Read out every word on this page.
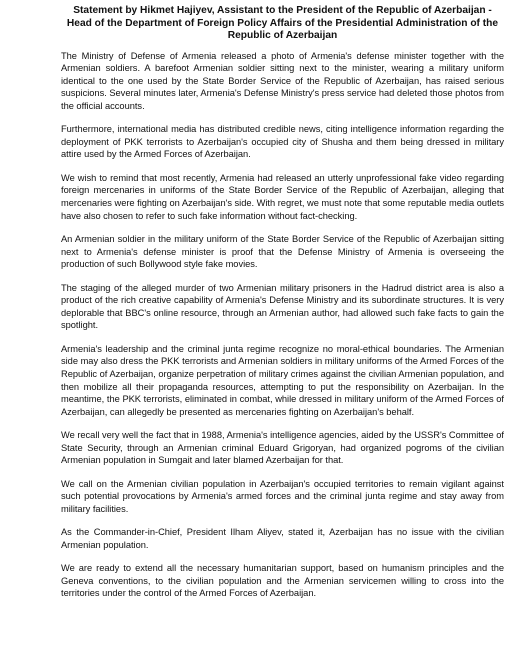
Statement by Hikmet Hajiyev, Assistant to the President of the Republic of Azerbaijan - Head of the Department of Foreign Policy Affairs of the Presidential Administration of the Republic of Azerbaijan

The Ministry of Defense of Armenia released a photo of Armenia's defense minister together with the Armenian soldiers. A barefoot Armenian soldier sitting next to the minister, wearing a military uniform identical to the one used by the State Border Service of the Republic of Azerbaijan, has raised serious suspicions. Several minutes later, Armenia's Defense Ministry's press service had deleted those photos from the official accounts.

Furthermore, international media has distributed credible news, citing intelligence information regarding the deployment of PKK terrorists to Azerbaijan's occupied city of Shusha and them being dressed in military attire used by the Armed Forces of Azerbaijan.

We wish to remind that most recently, Armenia had released an utterly unprofessional fake video regarding foreign mercenaries in uniforms of the State Border Service of the Republic of Azerbaijan, alleging that mercenaries were fighting on Azerbaijan's side. With regret, we must note that some reputable media outlets have also chosen to refer to such fake information without fact-checking.

An Armenian soldier in the military uniform of the State Border Service of the Republic of Azerbaijan sitting next to Armenia's defense minister is proof that the Defense Ministry of Armenia is overseeing the production of such Bollywood style fake movies.

The staging of the alleged murder of two Armenian military prisoners in the Hadrud district area is also a product of the rich creative capability of Armenia's Defense Ministry and its subordinate structures. It is very deplorable that BBC's online resource, through an Armenian author, had allowed such fake facts to gain the spotlight.

Armenia's leadership and the criminal junta regime recognize no moral-ethical boundaries. The Armenian side may also dress the PKK terrorists and Armenian soldiers in military uniforms of the Armed Forces of the Republic of Azerbaijan, organize perpetration of military crimes against the civilian Armenian population, and then mobilize all their propaganda resources, attempting to put the responsibility on Azerbaijan. In the meantime, the PKK terrorists, eliminated in combat, while dressed in military uniform of the Armed Forces of Azerbaijan, can allegedly be presented as mercenaries fighting on Azerbaijan's behalf.

We recall very well the fact that in 1988, Armenia's intelligence agencies, aided by the USSR's Committee of State Security, through an Armenian criminal Eduard Grigoryan, had organized pogroms of the civilian Armenian population in Sumgait and later blamed Azerbaijan for that.

We call on the Armenian civilian population in Azerbaijan's occupied territories to remain vigilant against such potential provocations by Armenia's armed forces and the criminal junta regime and stay away from military facilities.

As the Commander-in-Chief, President Ilham Aliyev, stated it, Azerbaijan has no issue with the civilian Armenian population.

We are ready to extend all the necessary humanitarian support, based on humanism principles and the Geneva conventions, to the civilian population and the Armenian servicemen willing to cross into the territories under the control of the Armed Forces of Azerbaijan.
